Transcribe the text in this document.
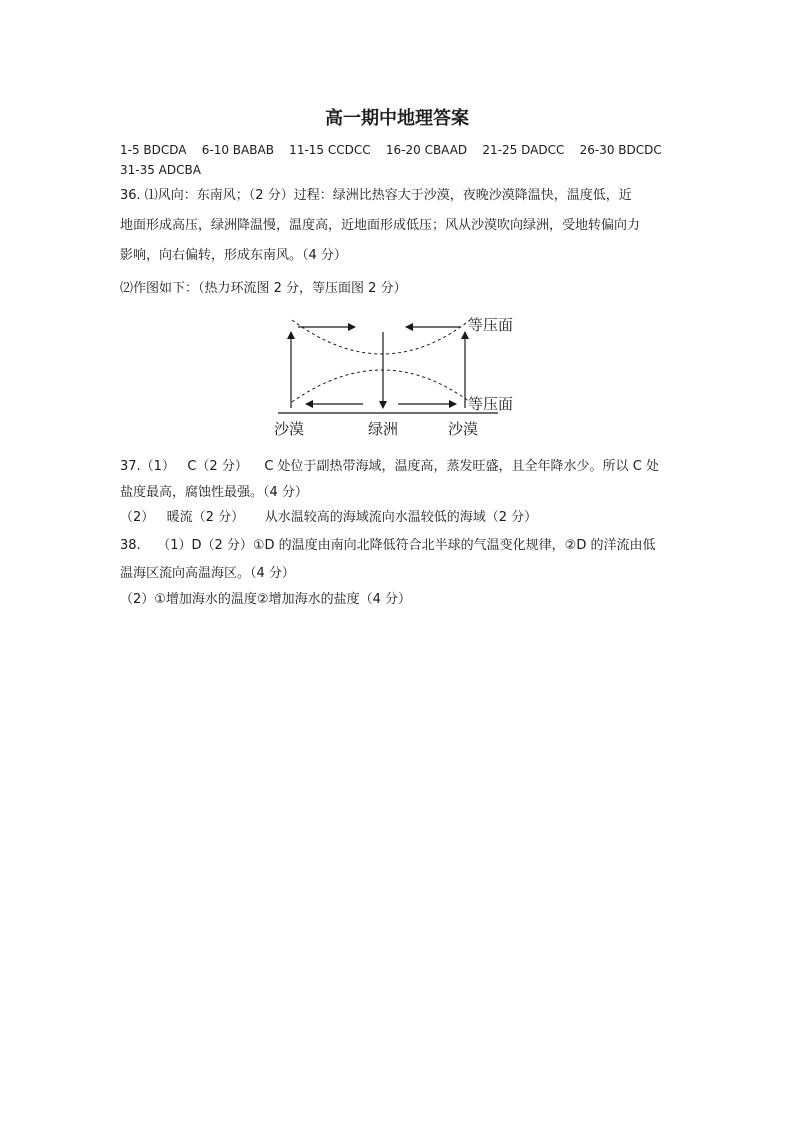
高一期中地理答案
1-5 BDCDA    6-10 BABAB    11-15 CCDCC    16-20 CBAAD    21-25 DADCC    26-30 BDCDC
31-35 ADCBA
36. ⑴风向：东南风；（2 分）过程：绿洲比热容大于沙漠，夜晚沙漠降温快，温度低，近
地面形成高压，绿洲降温慢，温度高，近地面形成低压；风从沙漠吹向绿洲，受地转偏向力
影响，向右偏转，形成东南风。（4 分）
⑵作图如下：（热力环流图 2 分，等压面图 2 分）
等压面
等压面
沙漠	绿洲	沙漠
37.（1）   C（2 分）    C 处位于副热带海域，温度高，蒸发旺盛，且全年降水少。所以 C 处
盐度最高，腐蚀性最强。（4 分）
（2）   暖流（2 分）     从水温较高的海域流向水温较低的海域（2 分）
38.    （1）D（2 分）①D 的温度由南向北降低符合北半球的气温变化规律，②D 的洋流由低
温海区流向高温海区。（4 分）
（2）①增加海水的温度②增加海水的盐度（4 分）
